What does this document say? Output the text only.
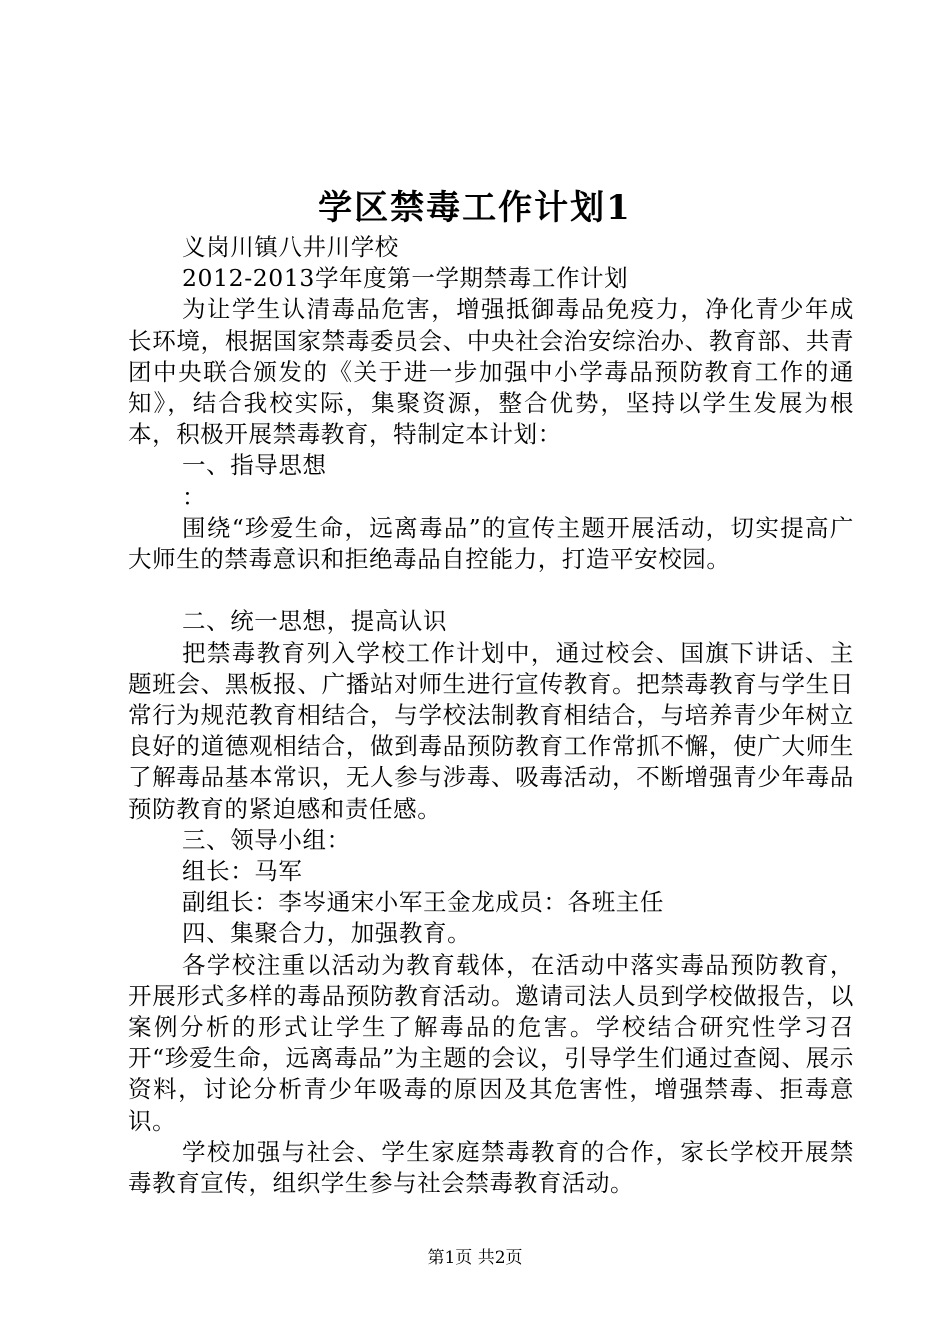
学区禁毒工作计划1

义岗川镇八井川学校

2012-2013学年度第一学期禁毒工作计划

为让学生认清毒品危害，增强抵御毒品免疫力，净化青少年成长环境，根据国家禁毒委员会、中央社会治安综治办、教育部、共青团中央联合颁发的《关于进一步加强中小学毒品预防教育工作的通知》，结合我校实际，集聚资源，整合优势，坚持以学生发展为根本，积极开展禁毒教育，特制定本计划：

一、指导思想

：

围绕“珍爱生命，远离毒品”的宣传主题开展活动，切实提高广大师生的禁毒意识和拒绝毒品自控能力，打造平安校园。

二、统一思想，提高认识

把禁毒教育列入学校工作计划中，通过校会、国旗下讲话、主题班会、黑板报、广播站对师生进行宣传教育。把禁毒教育与学生日常行为规范教育相结合，与学校法制教育相结合，与培养青少年树立良好的道德观相结合，做到毒品预防教育工作常抓不懈，使广大师生了解毒品基本常识，无人参与涉毒、吸毒活动，不断增强青少年毒品预防教育的紧迫感和责任感。

三、领导小组：

组长：马军

副组长：李岑通宋小军王金龙成员：各班主任

四、集聚合力，加强教育。

各学校注重以活动为教育载体，在活动中落实毒品预防教育，开展形式多样的毒品预防教育活动。邀请司法人员到学校做报告，以案例分析的形式让学生了解毒品的危害。学校结合研究性学习召开“珍爱生命，远离毒品”为主题的会议，引导学生们通过查阅、展示资料，讨论分析青少年吸毒的原因及其危害性，增强禁毒、拒毒意识。

学校加强与社会、学生家庭禁毒教育的合作，家长学校开展禁毒教育宣传，组织学生参与社会禁毒教育活动。

第1页 共2页
